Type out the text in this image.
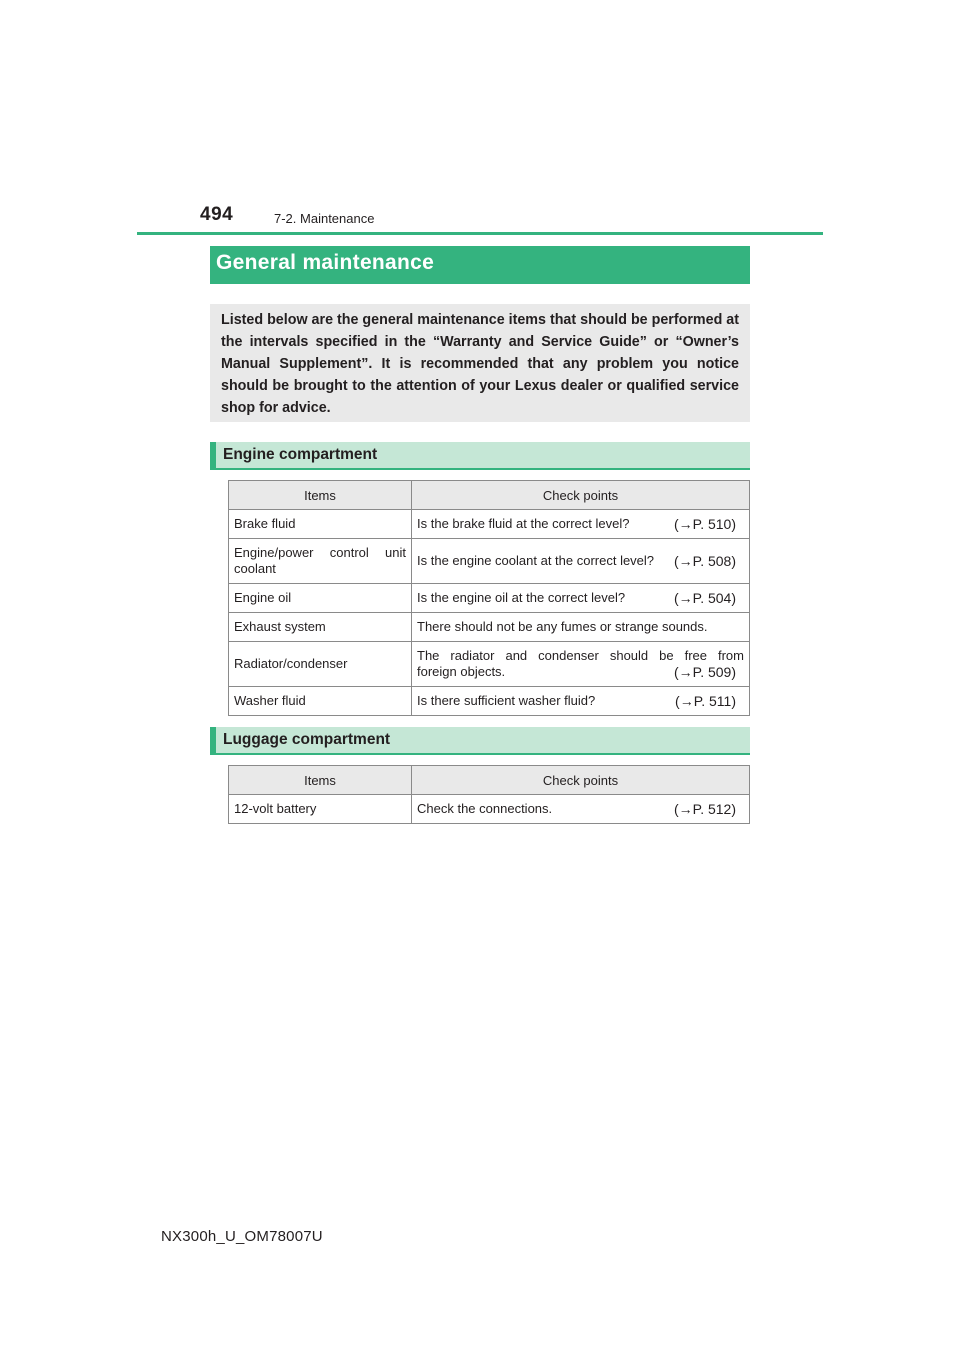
494	7-2. Maintenance
General maintenance

Listed below are the general maintenance items that should be performed at the intervals specified in the “Warranty and Service Guide” or “Owner’s Manual Supplement”. It is recommended that any problem you notice should be brought to the attention of your Lexus dealer or qualified service shop for advice.

Engine compartment
Items	Check points
Brake fluid	Is the brake fluid at the correct level? (→P. 510)

Engine/power control unit coolant	Is the engine coolant at the correct level? (→P. 508)

Engine oil	Is the engine oil at the correct level? (→P. 504)

Exhaust system	There should not be any fumes or strange sounds.
Radiator/condenser	The radiator and condenser should be free from
foreign objects. (→P. 509)

Washer fluid	Is there sufficient washer fluid? (→P. 511)
Luggage compartment
Items	Check points
12-volt battery	Check the connections. (→P. 512)
NX300h_U_OM78007U
